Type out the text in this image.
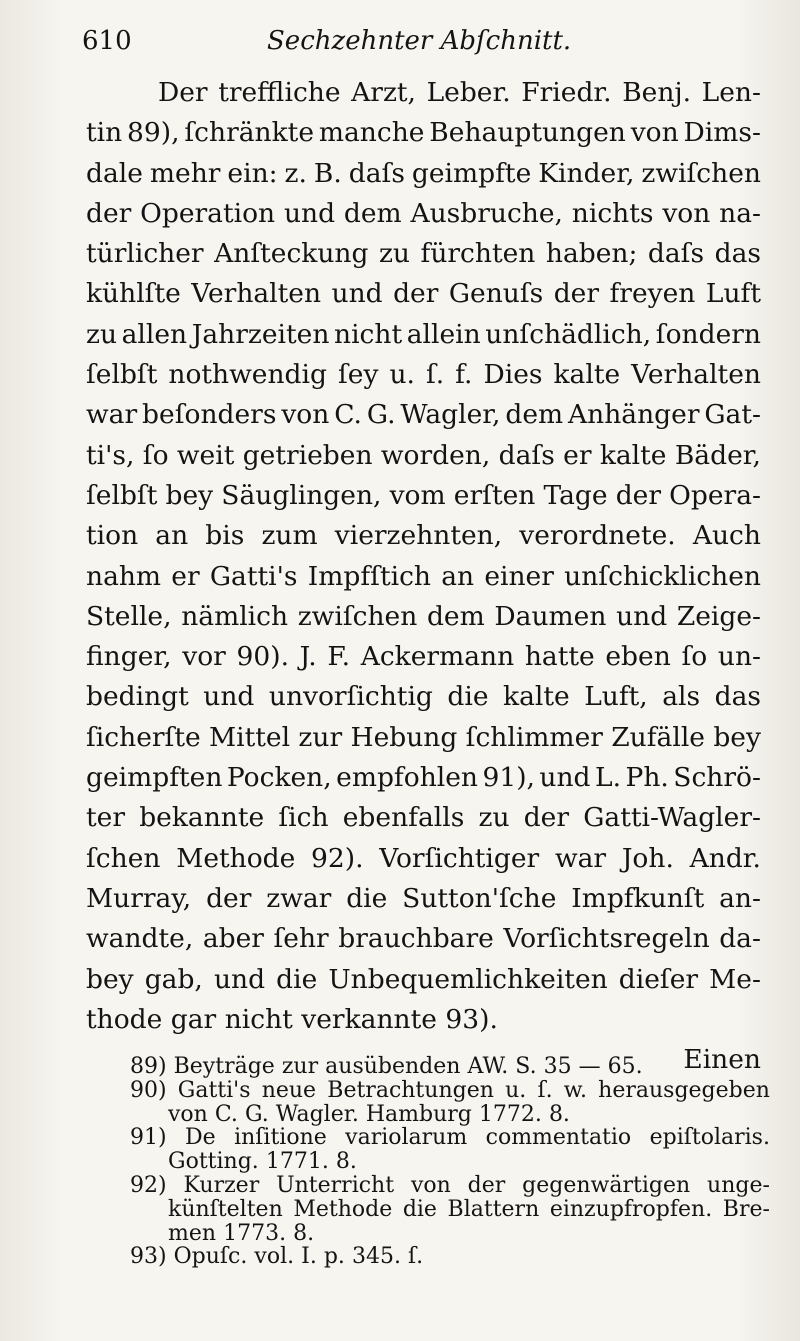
610	Sechzehnter Abſchnitt.
Der treffliche Arzt, Leber. Friedr. Benj. Len-
tin 89), ſchränkte manche Behauptungen von Dims-
dale mehr ein: z. B. daſs geimpfte Kinder, zwiſchen
der Operation und dem Ausbruche, nichts von na-
türlicher Anſteckung zu fürchten haben; daſs das
kühlſte Verhalten und der Genuſs der freyen Luft
zu allen Jahrzeiten nicht allein unſchädlich, ſondern
ſelbſt nothwendig ſey u. ſ. f. Dies kalte Verhalten
war beſonders von C. G. Wagler, dem Anhänger Gat-
ti's, ſo weit getrieben worden, daſs er kalte Bäder,
ſelbſt bey Säuglingen, vom erſten Tage der Opera-
tion an bis zum vierzehnten, verordnete. Auch
nahm er Gatti's Impfſtich an einer unſchicklichen
Stelle, nämlich zwiſchen dem Daumen und Zeige-
finger, vor 90). J. F. Ackermann hatte eben ſo un-
bedingt und unvorſichtig die kalte Luft, als das
ſicherſte Mittel zur Hebung ſchlimmer Zufälle bey
geimpften Pocken, empfohlen 91), und L. Ph. Schrö-
ter bekannte ſich ebenfalls zu der Gatti-Wagler-
ſchen Methode 92). Vorſichtiger war Joh. Andr.
Murray, der zwar die Sutton'ſche Impfkunſt an-
wandte, aber ſehr brauchbare Vorſichtsregeln da-
bey gab, und die Unbequemlichkeiten dieſer Me-
thode gar nicht verkannte 93).
Einen
89) Beyträge zur ausübenden AW. S. 35 — 65.
90) Gatti's neue Betrachtungen u. ſ. w. herausgegeben
von C. G. Wagler. Hamburg 1772. 8.
91) De inſitione variolarum commentatio epiſtolaris.
Gotting. 1771. 8.
92) Kurzer Unterricht von der gegenwärtigen unge-
künſtelten Methode die Blattern einzupfropfen. Bre-
men 1773. 8.
93) Opuſc. vol. I. p. 345. ſ.
